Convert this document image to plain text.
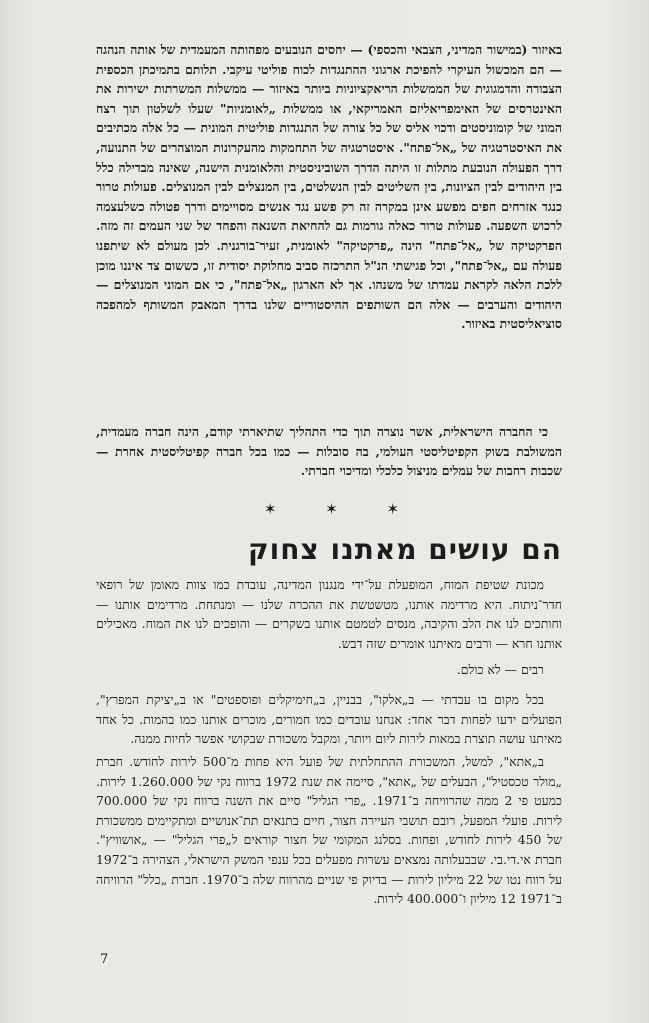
באיזור (במישור המדיני, הצבאי והכספי) — יחסים הנובעים מפהותה המעמדית של אותה הנהגה — הם המכשול העיקרי להפיכת ארגוני ההתנגדות לכוח פוליטי עיקבי. תלותם בתמיכתן הכספית הצבורה והדמגוגית של הממשלות הריאקציוניות ביותר באיזור — ממשלות המשרתות ישירות את האינטרסים של האימפריאליזם האמריקאי, או ממשלות „לאומניות" שעלו לשלטון תוך רצח המוני של קומוניסטים ודכוי אליס של כל צורה של התנגדות פוליטית המונית — כל אלה מכתיבים את האיסטרטגיה של „אל־פתח". איסטרטגיה של התחמקות מהעקרונות המוצהרים של התנועה, דרך הפעולה הנובעת מתלות זו היתה הדרך השוביניסטית והלאומנית הישנה, שאינה מבדילה כלל בין היהודים לבין הציונות, בין השליטים לבין הנשלטים, בין המנצלים לבין המנוצלים. פעולות טרור כנגד אזרחים חפים מפשע אינן במקרה זה רק פשע נגד אנשים מסויימים ודרך פטולה כשלעצמה לרכוש השפעה. פעולות טרור כאלה גורמות גם להחיאת השנאה והפחד של שני העמים זה מזה. הפרקטיקה של „אל־פתח" הינה „פרקטיקה" לאומנית, זעיר־בורגנית. לכן מעולם לא שיתפנו פעולה עם „אל־פתח", וכל פגישתי הנ"ל התרכזה סביב מחלוקת יסודית זו, כששום צד איננו מוכן ללכת הלאה לקראת עמדתו של משנהו. אך לא הארגון „אל־פתח", כי אם המוני המנוצלים — היהודים והערבים — אלה הם השותפים ההיסטוריים שלנו בדרך המאבק המשותף למהפכה סוציאליסטית באיזור.

כי החברה הישראלית, אשר נוצרה תוך כדי התהליך שתיארתי קודם, הינה חברה מעמדית, המשולבת בשוק הקפיטליסטי העולמי, בה סובלות — כמו בכל חברה קפיטליסטית אחרת — שכבות רחבות של עמלים מניצול כלכלי ומדיכוי חברתי.

✶ ✶ ✶
הם עושים מאתנו צחוק

מכונת שטיפת המוח, המופעלת על־ידי מנגנון המדינה, עובדת כמו צוות מאומן של רופאי חדר־ניתוח. היא מרדימה אותנו, מטשטשת את ההכרה שלנו — ומנתחת. מרדימים אותנו — וחותכים לנו את הלב והקיבה, מנסים לטמטם אותנו בשקרים — והופכים לנו את המוח. מאכילים אותנו חרא — ורבים מאיתנו אומרים שזה דבש.

רבים — לא כולם.

בכל מקום בו עבדתי — ב„אלקו", בבניין, ב„חימיקלים ופוספטים" או ב„יציקת המפרץ", הפועלים ידעו לפחות דבר אחד: אנחנו עובדים כמו חמורים, מוכרים אותנו כמו בהמות. כל אחד מאיתנו עושה תוצרת במאות לירות ליום ויותר, ומקבל משכורת שבקושי אפשר לחיות ממנה.

ב„אתא", למשל, המשכורת ההתחלתית של פועל היא פחות מ־500 לירות לחודש. חברת „מולר טכסטיל", הבעלים של „אתא", סיימה את שנת 1972 ברווח נקי של 1.260.000 לירות. כמעט פי 2 ממה שהרוויחה ב־1971. „פרי הגליל" סיים את השנה ברווח נקי של 700.000 לירות. פועלי המפעל, רובם תושבי העיירה חצור, חיים בתנאים תת־אנושיים ומתקיימים ממשכורת של 450 לירות לחודש, ופחות. בסלנג המקומי של חצור קוראים ל„פרי הגליל" — „אושוויץ". חברת אי.די.בי. שבבעלותה נמצאים עשרות מפעלים בכל ענפי המשק הישראלי, הצהירה ב־1972 על רווח נטו של 22 מיליון לירות — בדיוק פי שניים מהרווח שלה ב־1970. חברת „כלל" הרוויחה ב־1971 12 מיליון ו־400.000 לירות.

7
